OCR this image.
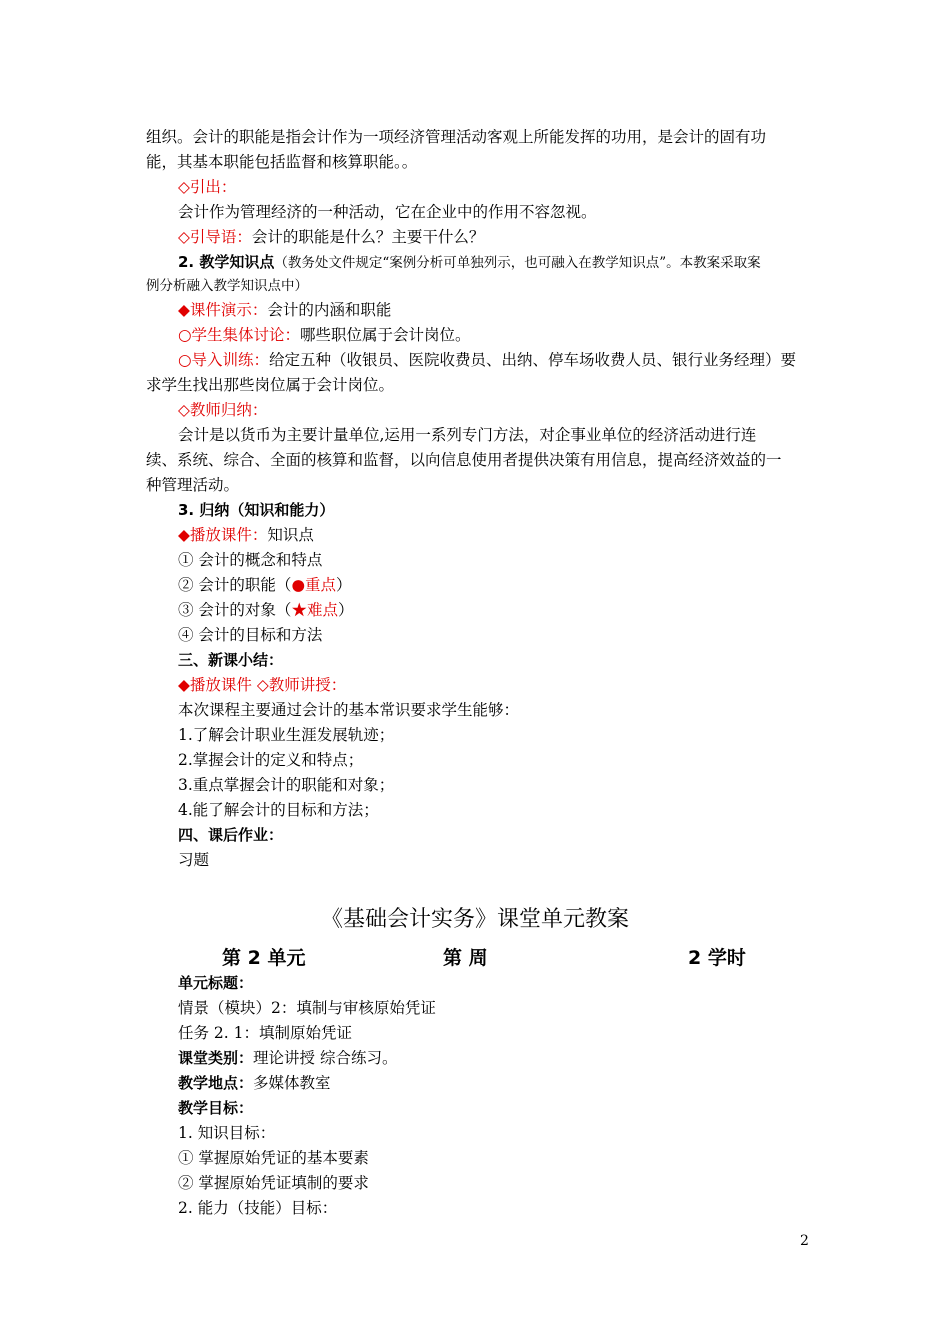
组织。会计的职能是指会计作为一项经济管理活动客观上所能发挥的功用，是会计的固有功
能，其基本职能包括监督和核算职能。。
◇引出：
会计作为管理经济的一种活动，它在企业中的作用不容忽视。
◇引导语：会计的职能是什么？主要干什么？
2. 教学知识点（教务处文件规定“案例分析可单独列示，也可融入在教学知识点”。本教案采取案
例分析融入教学知识点中）
◆课件演示：会计的内涵和职能
○学生集体讨论：哪些职位属于会计岗位。
○导入训练：给定五种（收银员、医院收费员、出纳、停车场收费人员、银行业务经理）要
求学生找出那些岗位属于会计岗位。
◇教师归纳：
会计是以货币为主要计量单位,运用一系列专门方法，对企事业单位的经济活动进行连
续、系统、综合、全面的核算和监督，以向信息使用者提供决策有用信息，提高经济效益的一
种管理活动。
3. 归纳（知识和能力）
◆播放课件：知识点
① 会计的概念和特点
② 会计的职能（●重点）
③ 会计的对象（★难点）
④ 会计的目标和方法
三、新课小结：
◆播放课件 ◇教师讲授：
本次课程主要通过会计的基本常识要求学生能够：
1.了解会计职业生涯发展轨迹；
2.掌握会计的定义和特点；
3.重点掌握会计的职能和对象；
4.能了解会计的目标和方法；
四、课后作业：
习题
《基础会计实务》课堂单元教案
第 2 单元	第 周	2 学时
单元标题：
情景（模块）2：填制与审核原始凭证
任务 2. 1：填制原始凭证
课堂类别：理论讲授 综合练习。
教学地点：多媒体教室
教学目标：
1. 知识目标：
① 掌握原始凭证的基本要素
② 掌握原始凭证填制的要求
2. 能力（技能）目标：
2
